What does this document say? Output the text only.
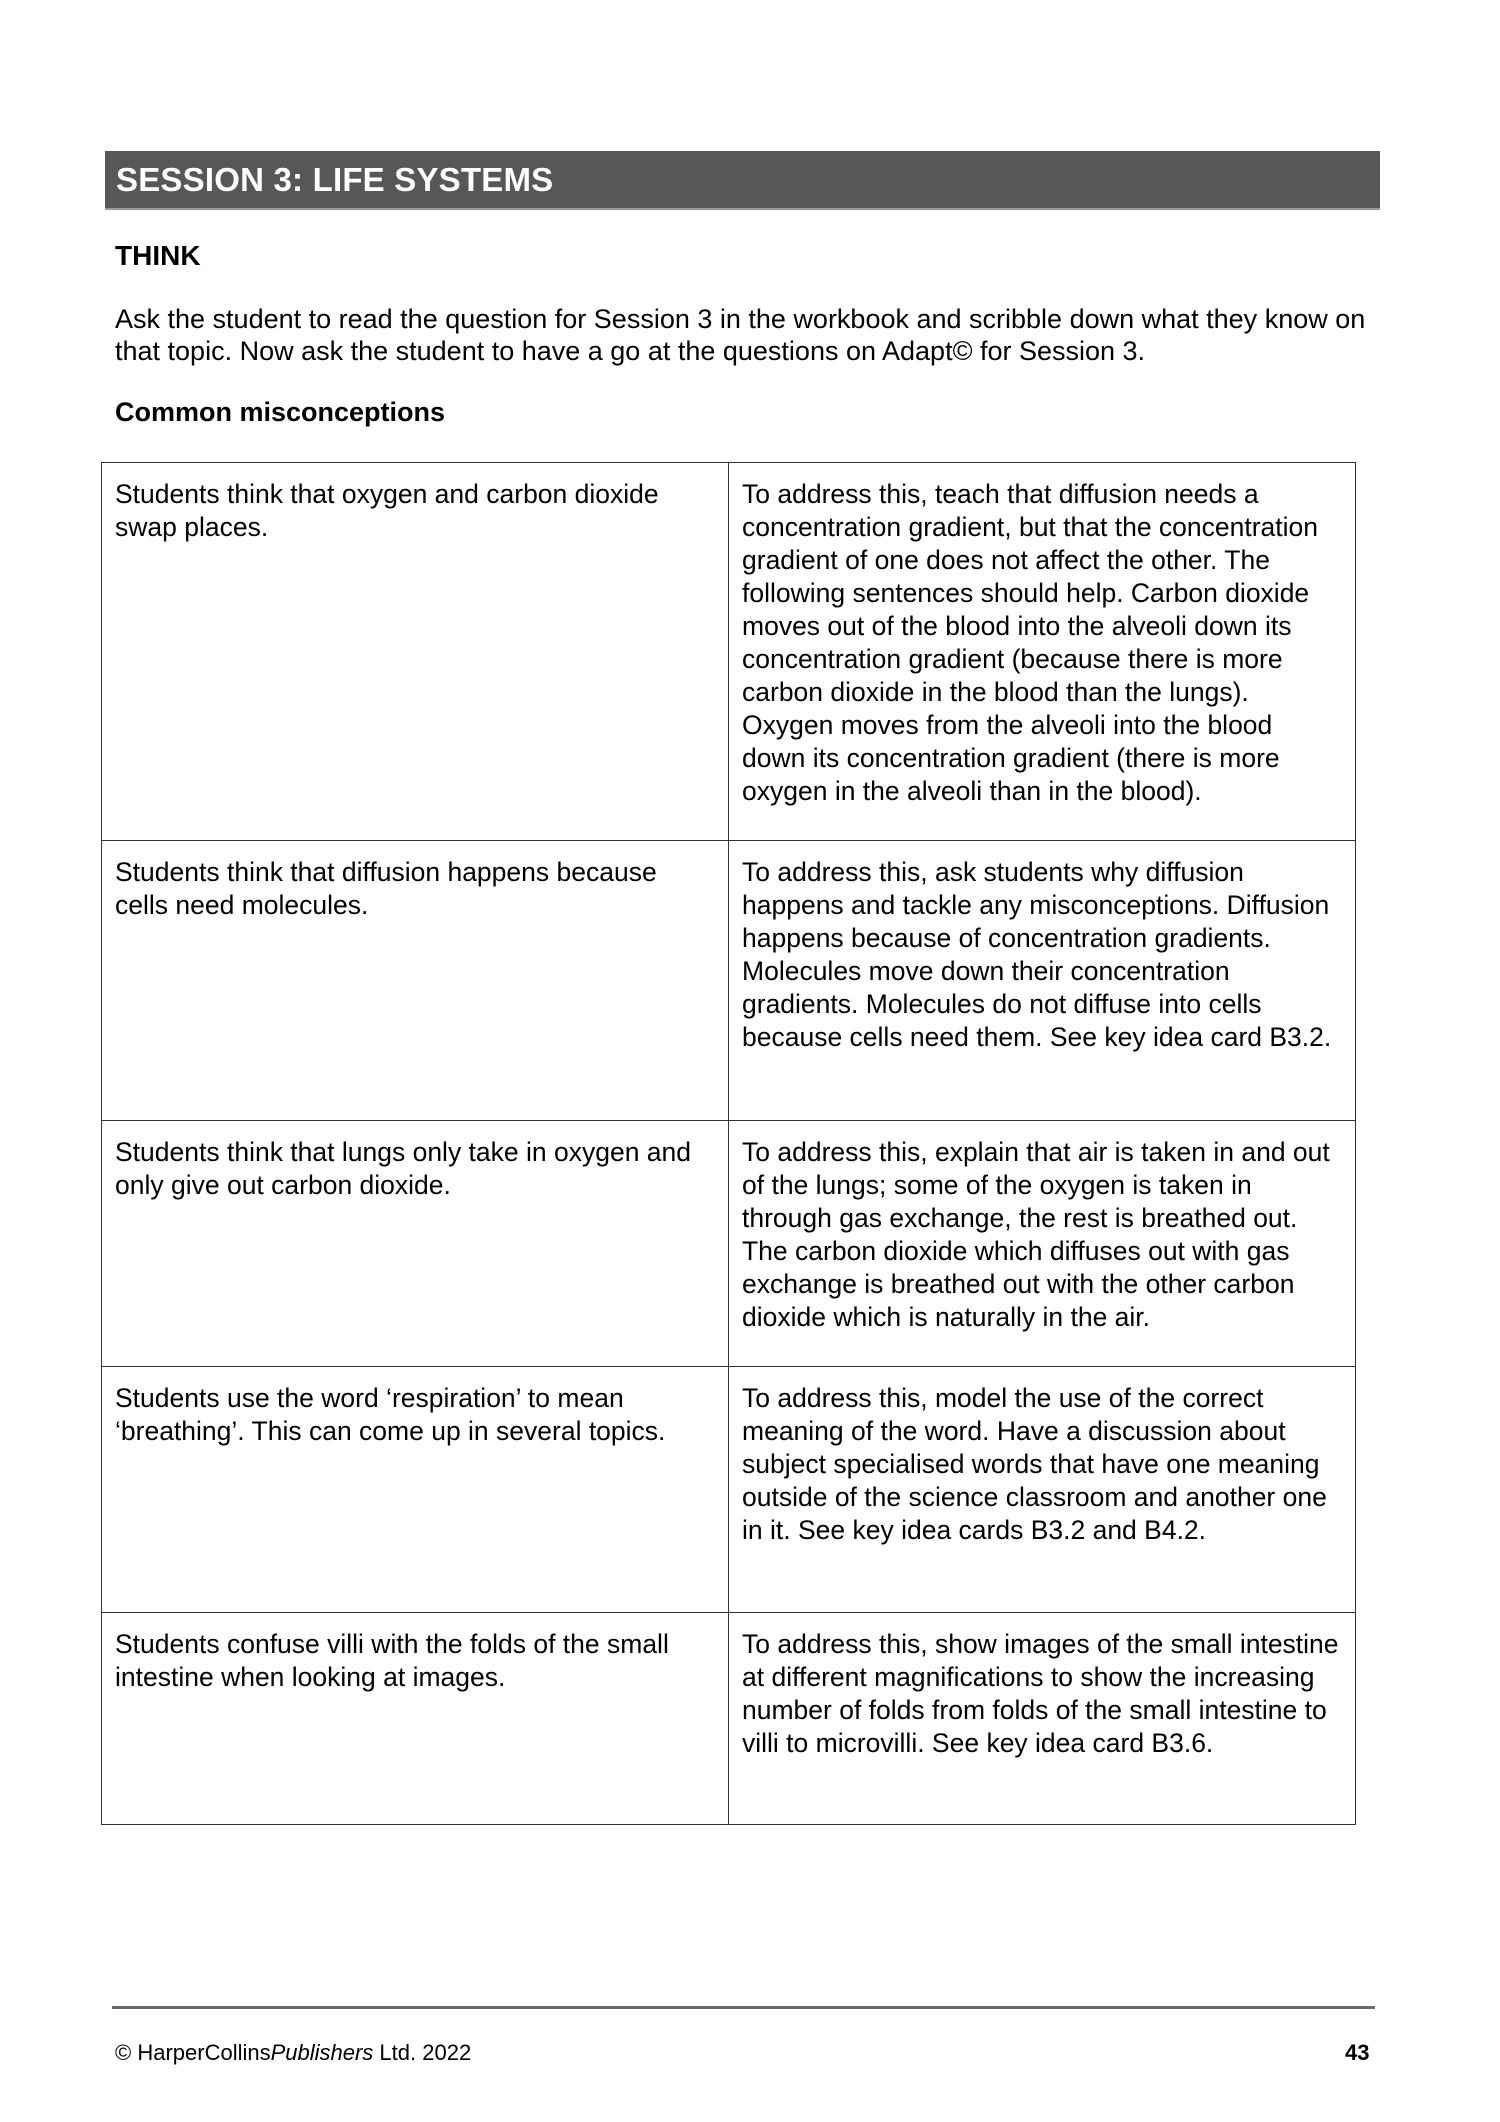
SESSION 3: LIFE SYSTEMS
THINK

Ask the student to read the question for Session 3 in the workbook and scribble down what they know on that topic. Now ask the student to have a go at the questions on Adapt© for Session 3.

Common misconceptions
Students think that oxygen and carbon dioxide swap places.	To address this, teach that diffusion needs a concentration gradient, but that the concentration gradient of one does not affect the other. The following sentences should help. Carbon dioxide moves out of the blood into the alveoli down its concentration gradient (because there is more carbon dioxide in the blood than the lungs). Oxygen moves from the alveoli into the blood down its concentration gradient (there is more oxygen in the alveoli than in the blood).
Students think that diffusion happens because cells need molecules.	To address this, ask students why diffusion happens and tackle any misconceptions. Diffusion happens because of concentration gradients. Molecules move down their concentration gradients. Molecules do not diffuse into cells because cells need them. See key idea card B3.2.
Students think that lungs only take in oxygen and only give out carbon dioxide.	To address this, explain that air is taken in and out of the lungs; some of the oxygen is taken in through gas exchange, the rest is breathed out. The carbon dioxide which diffuses out with gas exchange is breathed out with the other carbon dioxide which is naturally in the air.
Students use the word ‘respiration’ to mean ‘breathing’. This can come up in several topics.	To address this, model the use of the correct meaning of the word. Have a discussion about subject specialised words that have one meaning outside of the science classroom and another one in it. See key idea cards B3.2 and B4.2.
Students confuse villi with the folds of the small intestine when looking at images.	To address this, show images of the small intestine at different magnifications to show the increasing number of folds from folds of the small intestine to villi to microvilli. See key idea card B3.6.
© HarperCollinsPublishers Ltd. 2022	43
